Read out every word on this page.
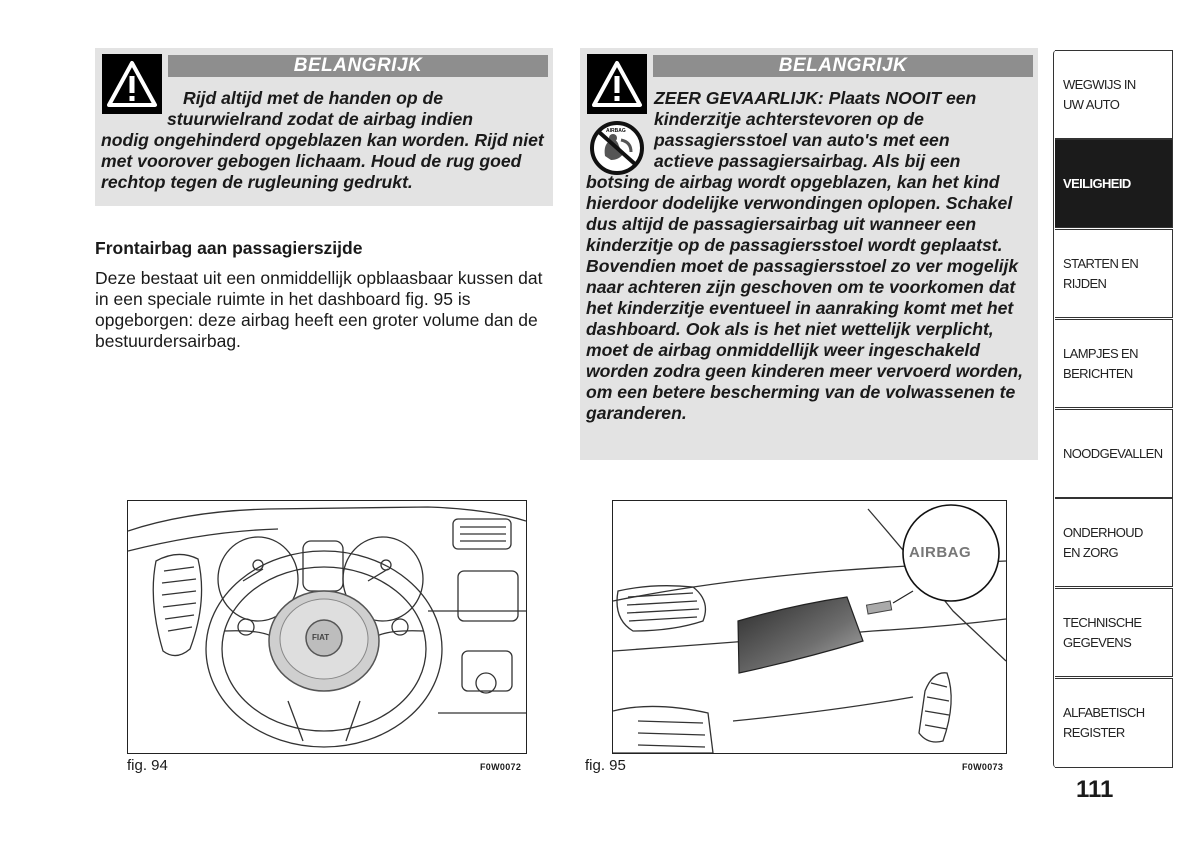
BELANGRIJK
Rijd altijd met de handen op de
stuurwielrand zodat de airbag indien
nodig ongehinderd opgeblazen kan worden. Rijd niet met voorover gebogen lichaam. Houd de rug goed rechtop tegen de rugleuning gedrukt.
Frontairbag aan passagierszijde

Deze bestaat uit een onmiddellijk opblaasbaar kussen dat in een speciale ruimte in het dashboard fig. 95 is opgeborgen: deze airbag heeft een groter volume dan de bestuurdersairbag.

AIRBAG
BELANGRIJK
ZEER GEVAARLIJK: Plaats NOOIT een
kinderzitje achterstevoren op de
passagiersstoel van auto's met een
actieve passagiersairbag. Als bij een
botsing de airbag wordt opgeblazen, kan het kind hierdoor dodelijke verwondingen oplopen. Schakel dus altijd de passagiersairbag uit wanneer een kinderzitje op de passagiersstoel wordt geplaatst. Bovendien moet de passagiersstoel zo ver mogelijk naar achteren zijn geschoven om te voorkomen dat het kinderzitje eventueel in aanraking komt met het dashboard. Ook als is het niet wettelijk verplicht, moet de airbag onmiddellijk weer ingeschakeld worden zodra geen kinderen meer vervoerd worden, om een betere bescherming van de volwassenen te garanderen.
FIAT
fig. 94	F0W0072
AIRBAG
fig. 95	F0W0073
WEGWIJS IN UW AUTO
VEILIGHEID
STARTEN EN RIJDEN
LAMPJES EN BERICHTEN
NOODGEVALLEN
ONDERHOUD EN ZORG
TECHNISCHE GEGEVENS
ALFABETISCH REGISTER
111
